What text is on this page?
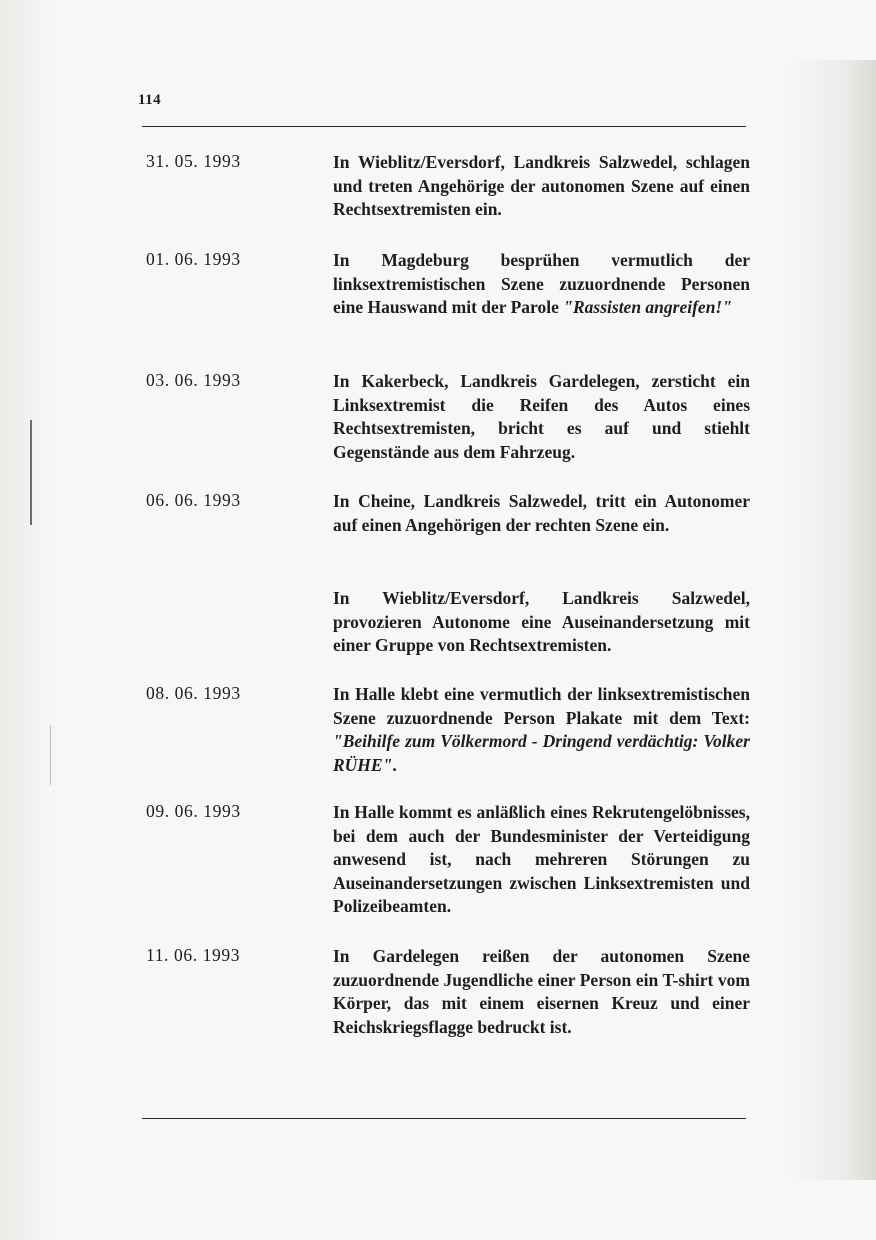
114
31. 05. 1993	In Wieblitz/Eversdorf, Landkreis Salzwedel, schlagen und treten Angehörige der autonomen Szene auf einen Rechtsextremisten ein.
01. 06. 1993	In Magdeburg besprühen vermutlich der linksextremistischen Szene zuzuordnende Personen eine Hauswand mit der Parole "Rassisten angreifen!"
03. 06. 1993	In Kakerbeck, Landkreis Gardelegen, zersticht ein Linksextremist die Reifen des Autos eines Rechtsextremisten, bricht es auf und stiehlt Gegenstände aus dem Fahrzeug.
06. 06. 1993	In Cheine, Landkreis Salzwedel, tritt ein Autonomer auf einen Angehörigen der rechten Szene ein.
In Wieblitz/Eversdorf, Landkreis Salzwedel, provozieren Autonome eine Auseinandersetzung mit einer Gruppe von Rechtsextremisten.
08. 06. 1993	In Halle klebt eine vermutlich der linksextremistischen Szene zuzuordnende Person Plakate mit dem Text: "Beihilfe zum Völkermord - Dringend verdächtig: Volker RÜHE".
09. 06. 1993	In Halle kommt es anläßlich eines Rekrutengelöbnisses, bei dem auch der Bundesminister der Verteidigung anwesend ist, nach mehreren Störungen zu Auseinandersetzungen zwischen Linksextremisten und Polizeibeamten.
11. 06. 1993	In Gardelegen reißen der autonomen Szene zuzuordnende Jugendliche einer Person ein T-shirt vom Körper, das mit einem eisernen Kreuz und einer Reichskriegsflagge bedruckt ist.
